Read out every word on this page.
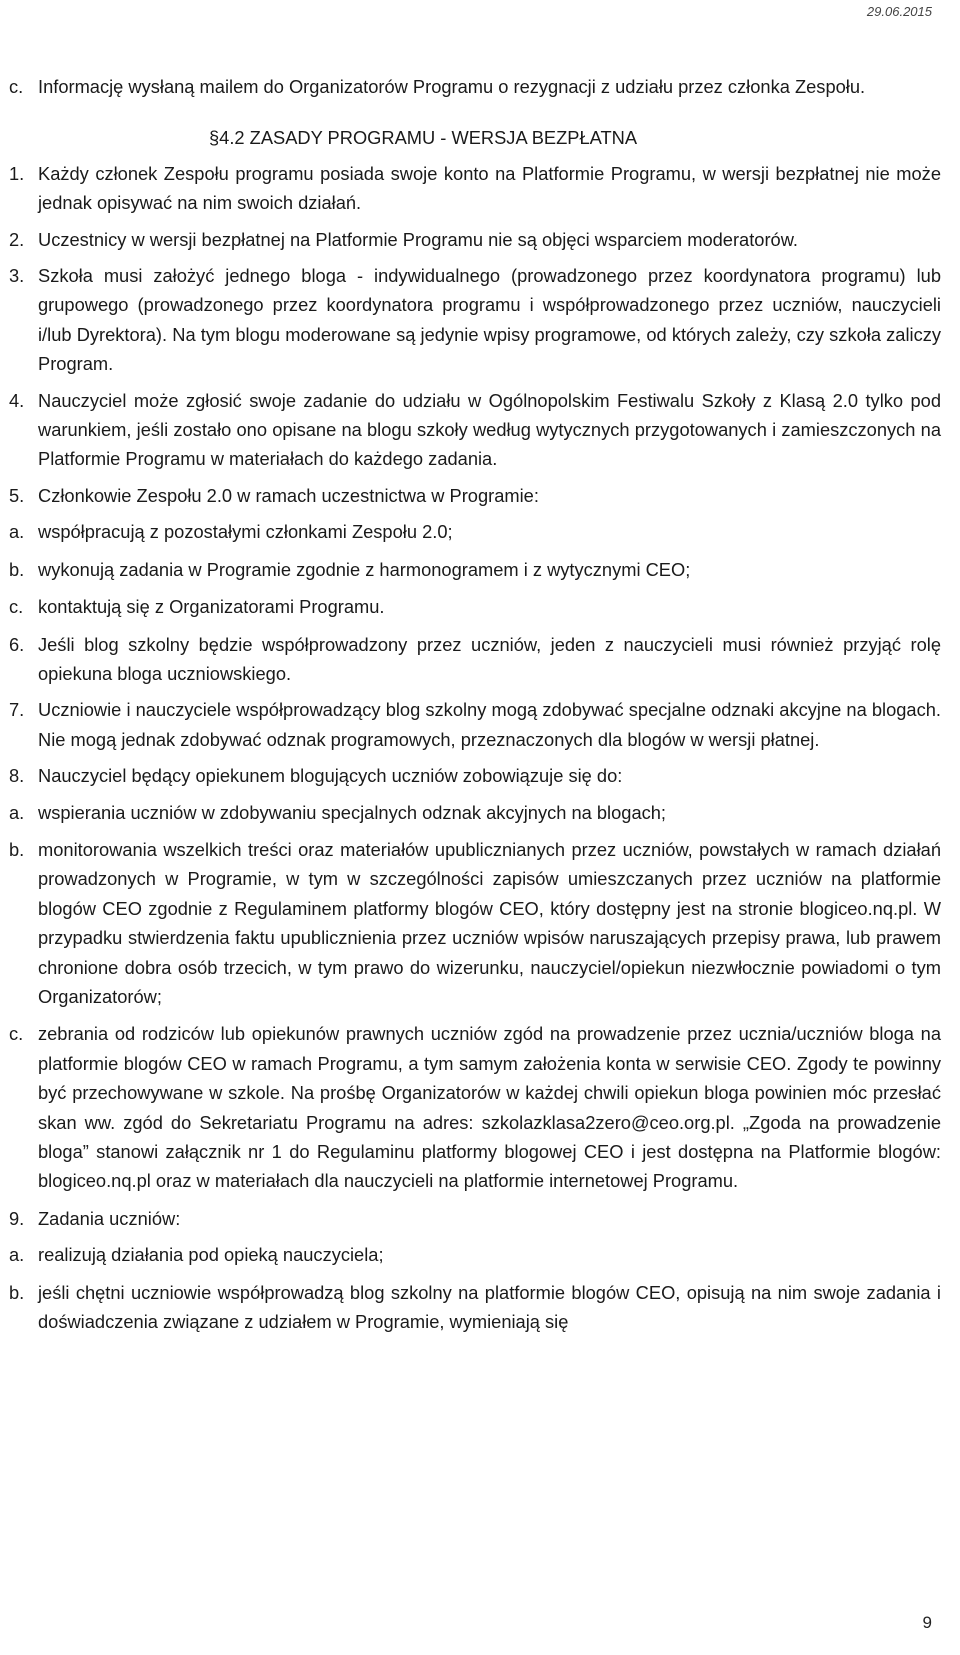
29.06.2015
c. Informację wysłaną mailem do Organizatorów Programu o rezygnacji z udziału przez członka Zespołu.
§4.2 ZASADY PROGRAMU - WERSJA BEZPŁATNA
1. Każdy członek Zespołu programu posiada swoje konto na Platformie Programu, w wersji bezpłatnej nie może jednak opisywać na nim swoich działań.
2. Uczestnicy w wersji bezpłatnej na Platformie Programu nie są objęci wsparciem moderatorów.
3. Szkoła musi założyć jednego bloga - indywidualnego (prowadzonego przez koordynatora programu) lub grupowego (prowadzonego przez koordynatora programu i współprowadzonego przez uczniów, nauczycieli i/lub Dyrektora). Na tym blogu moderowane są jedynie wpisy programowe, od których zależy, czy szkoła zaliczy Program.
4. Nauczyciel może zgłosić swoje zadanie do udziału w Ogólnopolskim Festiwalu Szkoły z Klasą 2.0 tylko pod warunkiem, jeśli zostało ono opisane na blogu szkoły według wytycznych przygotowanych i zamieszczonych na Platformie Programu w materiałach do każdego zadania.
5. Członkowie Zespołu 2.0 w ramach uczestnictwa w Programie:
a. współpracują z pozostałymi członkami Zespołu 2.0;
b. wykonują zadania w Programie zgodnie z harmonogramem i z wytycznymi CEO;
c. kontaktują się z Organizatorami Programu.
6. Jeśli blog szkolny będzie współprowadzony przez uczniów, jeden z nauczycieli musi również przyjąć rolę opiekuna bloga uczniowskiego.
7. Uczniowie i nauczyciele współprowadzący blog szkolny mogą zdobywać specjalne odznaki akcyjne na blogach. Nie mogą jednak zdobywać odznak programowych, przeznaczonych dla blogów w wersji płatnej.
8. Nauczyciel będący opiekunem blogujących uczniów zobowiązuje się do:
a. wspierania uczniów w zdobywaniu specjalnych odznak akcyjnych na blogach;
b. monitorowania wszelkich treści oraz materiałów upublicznianych przez uczniów, powstałych w ramach działań prowadzonych w Programie, w tym w szczególności zapisów umieszczanych przez uczniów na platformie blogów CEO zgodnie z Regulaminem platformy blogów CEO, który dostępny jest na stronie blogiceo.nq.pl. W przypadku stwierdzenia faktu upublicznienia przez uczniów wpisów naruszających przepisy prawa, lub prawem chronione dobra osób trzecich, w tym prawo do wizerunku, nauczyciel/opiekun niezwłocznie powiadomi o tym Organizatorów;
c. zebrania od rodziców lub opiekunów prawnych uczniów zgód na prowadzenie przez ucznia/uczniów bloga na platformie blogów CEO w ramach Programu, a tym samym założenia konta w serwisie CEO. Zgody te powinny być przechowywane w szkole. Na prośbę Organizatorów w każdej chwili opiekun bloga powinien móc przesłać skan ww. zgód do Sekretariatu Programu na adres: szkolazklasa2zero@ceo.org.pl. „Zgoda na prowadzenie bloga” stanowi załącznik nr 1 do Regulaminu platformy blogowej CEO i jest dostępna na Platformie blogów: blogiceo.nq.pl oraz w materiałach dla nauczycieli na platformie internetowej Programu.
9. Zadania uczniów:
a. realizują działania pod opieką nauczyciela;
b. jeśli chętni uczniowie współprowadzą blog szkolny na platformie blogów CEO, opisują na nim swoje zadania i doświadczenia związane z udziałem w Programie, wymieniają się
9
